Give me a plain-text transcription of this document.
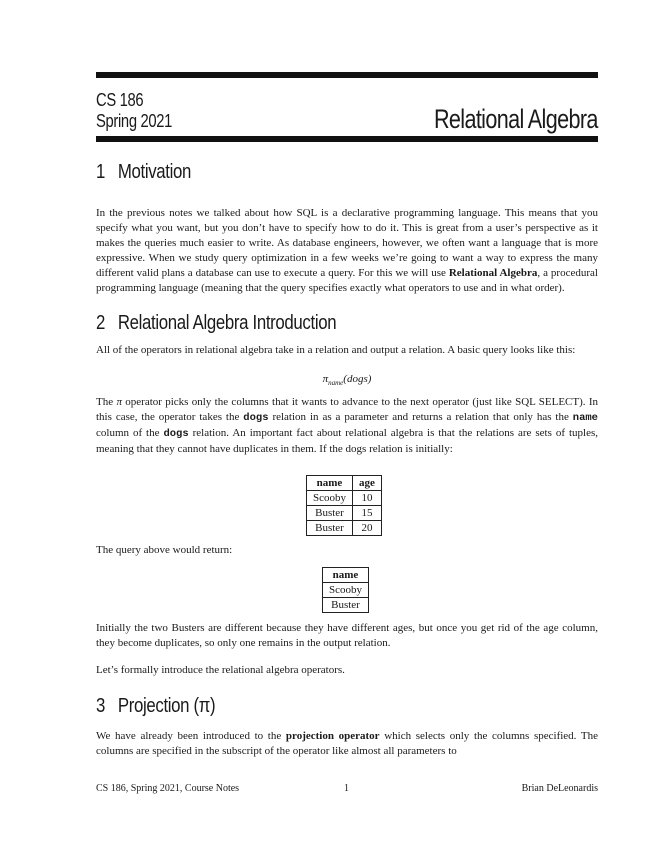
CS 186
Spring 2021	Relational Algebra
1 Motivation
In the previous notes we talked about how SQL is a declarative programming language. This means that you specify what you want, but you don’t have to specify how to do it. This is great from a user’s perspective as it makes the queries much easier to write. As database engineers, however, we often want a language that is more expressive. When we study query optimization in a few weeks we’re going to want a way to express the many different valid plans a database can use to execute a query. For this we will use Relational Algebra, a procedural programming language (meaning that the query specifies exactly what operators to use and in what order).
2 Relational Algebra Introduction
All of the operators in relational algebra take in a relation and output a relation. A basic query looks like this:
$\pi_{name}(dogs)$
The π operator picks only the columns that it wants to advance to the next operator (just like SQL SELECT). In this case, the operator takes the dogs relation in as a parameter and returns a relation that only has the name column of the dogs relation. An important fact about relational algebra is that the relations are sets of tuples, meaning that they cannot have duplicates in them. If the dogs relation is initially:
name	age
Scooby	10
Buster	15
Buster	20
The query above would return:
name
Scooby
Buster
Initially the two Busters are different because they have different ages, but once you get rid of the age column, they become duplicates, so only one remains in the output relation.
Let’s formally introduce the relational algebra operators.
3 Projection (π)
We have already been introduced to the projection operator which selects only the columns specified. The columns are specified in the subscript of the operator like almost all parameters to
CS 186, Spring 2021, Course Notes	1	Brian DeLeonardis
